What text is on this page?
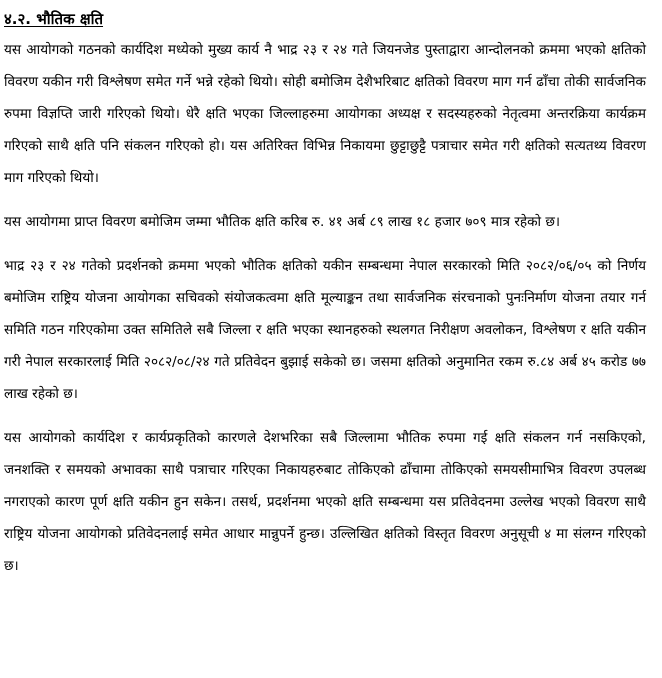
४.२. भौतिक क्षति

यस आयोगको गठनको कार्यदिश मध्येको मुख्य कार्य नै भाद्र २३ र २४ गते जियनजेड पुस्ताद्वारा आन्दोलनको क्रममा भएको क्षतिको विवरण यकीन गरी विश्लेषण समेत गर्ने भन्ने रहेको थियो। सोही बमोजिम देशैभरिबाट क्षतिको विवरण माग गर्न ढाँचा तोकी सार्वजनिक रुपमा विज्ञप्ति जारी गरिएको थियो। धेरै क्षति भएका जिल्लाहरुमा आयोगका अध्यक्ष र सदस्यहरुको नेतृत्वमा अन्तरक्रिया कार्यक्रम गरिएको साथै क्षति पनि संकलन गरिएको हो। यस अतिरिक्त विभिन्न निकायमा छुट्टाछुट्टै पत्राचार समेत गरी क्षतिको सत्यतथ्य विवरण माग गरिएको थियो।

यस आयोगमा प्राप्त विवरण बमोजिम जम्मा भौतिक क्षति करिब रु. ४१ अर्ब ८९ लाख १८ हजार ७०९ मात्र रहेको छ।

भाद्र २३ र २४ गतेको प्रदर्शनको क्रममा भएको भौतिक क्षतिको यकीन सम्बन्धमा नेपाल सरकारको मिति २०८२/०६/०५ को निर्णय बमोजिम राष्ट्रिय योजना आयोगका सचिवको संयोजकत्वमा क्षति मूल्याङ्कन तथा सार्वजनिक संरचनाको पुनःनिर्माण योजना तयार गर्न समिति गठन गरिएकोमा उक्त समितिले सबै जिल्ला र क्षति भएका स्थानहरुको स्थलगत निरीक्षण अवलोकन, विश्लेषण र क्षति यकीन गरी नेपाल सरकारलाई मिति २०८२/०८/२४ गते प्रतिवेदन बुझाई सकेको छ। जसमा क्षतिको अनुमानित रकम रु.८४ अर्ब ४५ करोड ७७ लाख रहेको छ।

यस आयोगको कार्यदिश र कार्यप्रकृतिको कारणले देशभरिका सबै जिल्लामा भौतिक रुपमा गई क्षति संकलन गर्न नसकिएको, जनशक्ति र समयको अभावका साथै पत्राचार गरिएका निकायहरुबाट तोकिएको ढाँचामा तोकिएको समयसीमाभित्र विवरण उपलब्ध नगराएको कारण पूर्ण क्षति यकीन हुन सकेन। तसर्थ, प्रदर्शनमा भएको क्षति सम्बन्धमा यस प्रतिवेदनमा उल्लेख भएको विवरण साथै राष्ट्रिय योजना आयोगको प्रतिवेदनलाई समेत आधार मान्नुपर्ने हुन्छ। उल्लिखित क्षतिको विस्तृत विवरण अनुसूची ४ मा संलग्न गरिएको छ।
